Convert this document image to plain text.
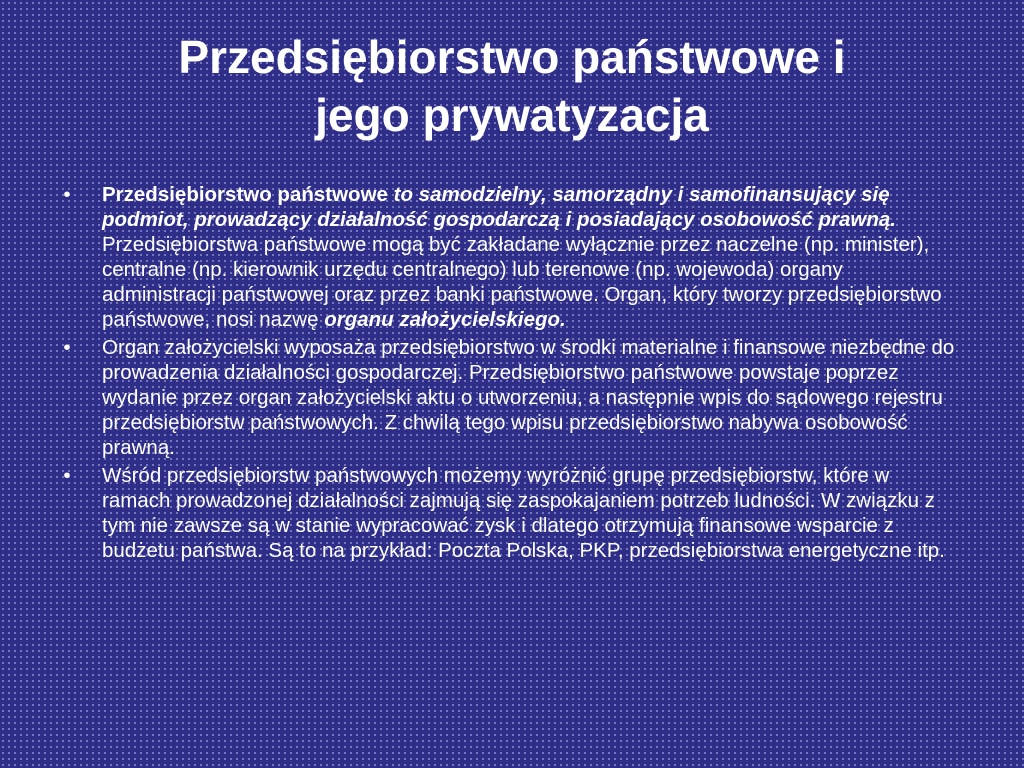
Przedsiębiorstwo państwowe i
jego prywatyzacja
• Przedsiębiorstwo państwowe to samodzielny, samorządny i samofinansujący się podmiot, prowadzący działalność gospodarczą i posiadający osobowość prawną. Przedsiębiorstwa państwowe mogą być zakładane wyłącznie przez naczelne (np. minister), centralne (np. kierownik urzędu centralnego) lub terenowe (np. wojewoda) organy administracji państwowej oraz przez banki państwowe. Organ, który tworzy przedsiębiorstwo państwowe, nosi nazwę organu założycielskiego.
• Organ założycielski wyposaża przedsiębiorstwo w środki materialne i finansowe niezbędne do prowadzenia działalności gospodarczej. Przedsiębiorstwo państwowe powstaje poprzez wydanie przez organ założycielski aktu o utworzeniu, a następnie wpis do sądowego rejestru przedsiębiorstw państwowych. Z chwilą tego wpisu przedsiębiorstwo nabywa osobowość prawną.
• Wśród przedsiębiorstw państwowych możemy wyróżnić grupę przedsiębiorstw, które w ramach prowadzonej działalności zajmują się zaspokajaniem potrzeb ludności. W związku z tym nie zawsze są w stanie wypracować zysk i dlatego otrzymują finansowe wsparcie z budżetu państwa. Są to na przykład: Poczta Polska, PKP, przedsiębiorstwa energetyczne itp.
